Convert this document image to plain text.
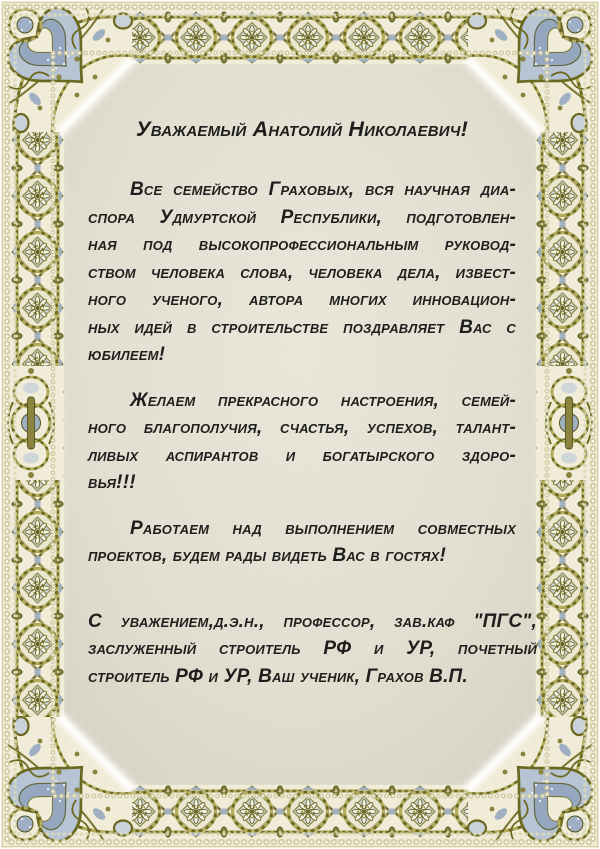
Уважаемый Анатолий Николаевич!
Все семейство Граховых, вся научная диа-
спора Удмуртской Республики, подготовлен-
ная под высокопрофессиональным руковод-
ством человека слова, человека дела, извест-
ного ученого, автора многих инновацион-
ных идей в строительстве поздравляет Вас с
юбилеем!
Желаем прекрасного настроения, семей-
ного благополучия, счастья, успехов, талант-
ливых аспирантов и богатырского здоро-
вья!!!
Работаем над выполнением совместных
проектов, будем рады видеть Вас в гостях!
С уважением,д.э.н., профессор, зав.каф "ПГС",
заслуженный строитель РФ и УР, почетный
строитель РФ и УР, Ваш ученик, Грахов В.П.
